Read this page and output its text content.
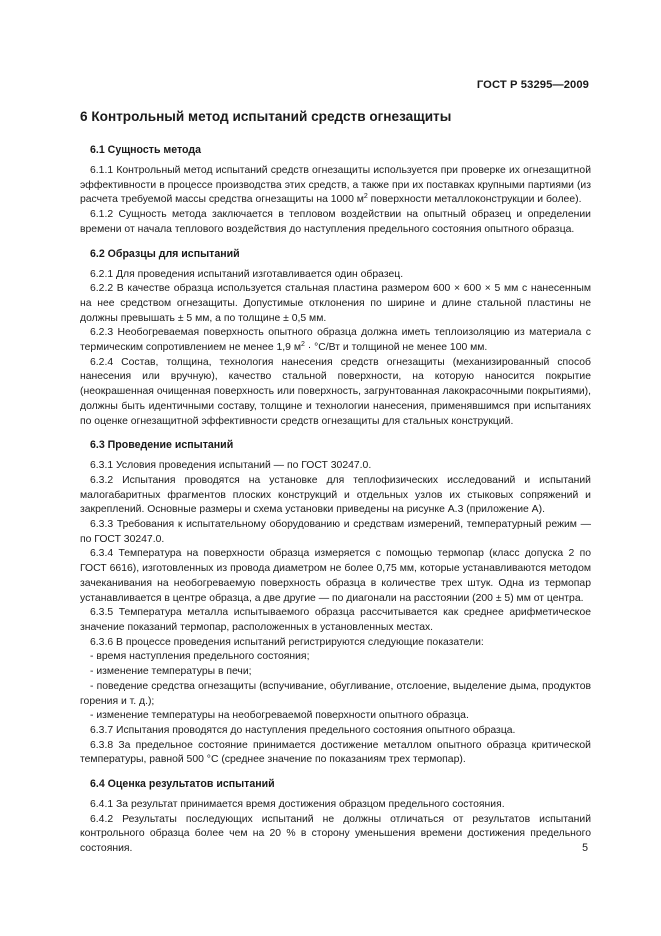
ГОСТ Р 53295—2009
6 Контрольный метод испытаний средств огнезащиты
6.1 Сущность метода

6.1.1 Контрольный метод испытаний средств огнезащиты используется при проверке их огнезащитной эффективности в процессе производства этих средств, а также при их поставках крупными партиями (из расчета требуемой массы средства огнезащиты на 1000 $м^2$ поверхности металлоконструкции и более).

6.1.2 Сущность метода заключается в тепловом воздействии на опытный образец и определении времени от начала теплового воздействия до наступления предельного состояния опытного образца.

6.2 Образцы для испытаний

6.2.1 Для проведения испытаний изготавливается один образец.

6.2.2 В качестве образца используется стальная пластина размером 600 × 600 × 5 мм с нанесенным на нее средством огнезащиты. Допустимые отклонения по ширине и длине стальной пластины не должны превышать ± 5 мм, а по толщине ± 0,5 мм.

6.2.3 Необогреваемая поверхность опытного образца должна иметь теплоизоляцию из материала с термическим сопротивлением не менее 1,9 $м^2 \cdot ^\circ С/Вт$ и толщиной не менее 100 мм.

6.2.4 Состав, толщина, технология нанесения средств огнезащиты (механизированный способ нанесения или вручную), качество стальной поверхности, на которую наносится покрытие (неокрашенная очищенная поверхность или поверхность, загрунтованная лакокрасочными покрытиями), должны быть идентичными составу, толщине и технологии нанесения, применявшимся при испытаниях по оценке огнезащитной эффективности средств огнезащиты для стальных конструкций.

6.3 Проведение испытаний

6.3.1 Условия проведения испытаний — по ГОСТ 30247.0.

6.3.2 Испытания проводятся на установке для теплофизических исследований и испытаний малогабаритных фрагментов плоских конструкций и отдельных узлов их стыковых сопряжений и закреплений. Основные размеры и схема установки приведены на рисунке А.3 (приложение А).

6.3.3 Требования к испытательному оборудованию и средствам измерений, температурный режим — по ГОСТ 30247.0.

6.3.4 Температура на поверхности образца измеряется с помощью термопар (класс допуска 2 по ГОСТ 6616), изготовленных из провода диаметром не более 0,75 мм, которые устанавливаются методом зачеканивания на необогреваемую поверхность образца в количестве трех штук. Одна из термопар устанавливается в центре образца, а две другие — по диагонали на расстоянии (200 ± 5) мм от центра.

6.3.5 Температура металла испытываемого образца рассчитывается как среднее арифметическое значение показаний термопар, расположенных в установленных местах.

6.3.6 В процессе проведения испытаний регистрируются следующие показатели:

- время наступления предельного состояния;

- изменение температуры в печи;

- поведение средства огнезащиты (вспучивание, обугливание, отслоение, выделение дыма, продуктов горения и т. д.);

- изменение температуры на необогреваемой поверхности опытного образца.

6.3.7 Испытания проводятся до наступления предельного состояния опытного образца.

6.3.8 За предельное состояние принимается достижение металлом опытного образца критической температуры, равной 500 °С (среднее значение по показаниям трех термопар).

6.4 Оценка результатов испытаний

6.4.1 За результат принимается время достижения образцом предельного состояния.

6.4.2 Результаты последующих испытаний не должны отличаться от результатов испытаний контрольного образца более чем на 20 % в сторону уменьшения времени достижения предельного состояния.	5
